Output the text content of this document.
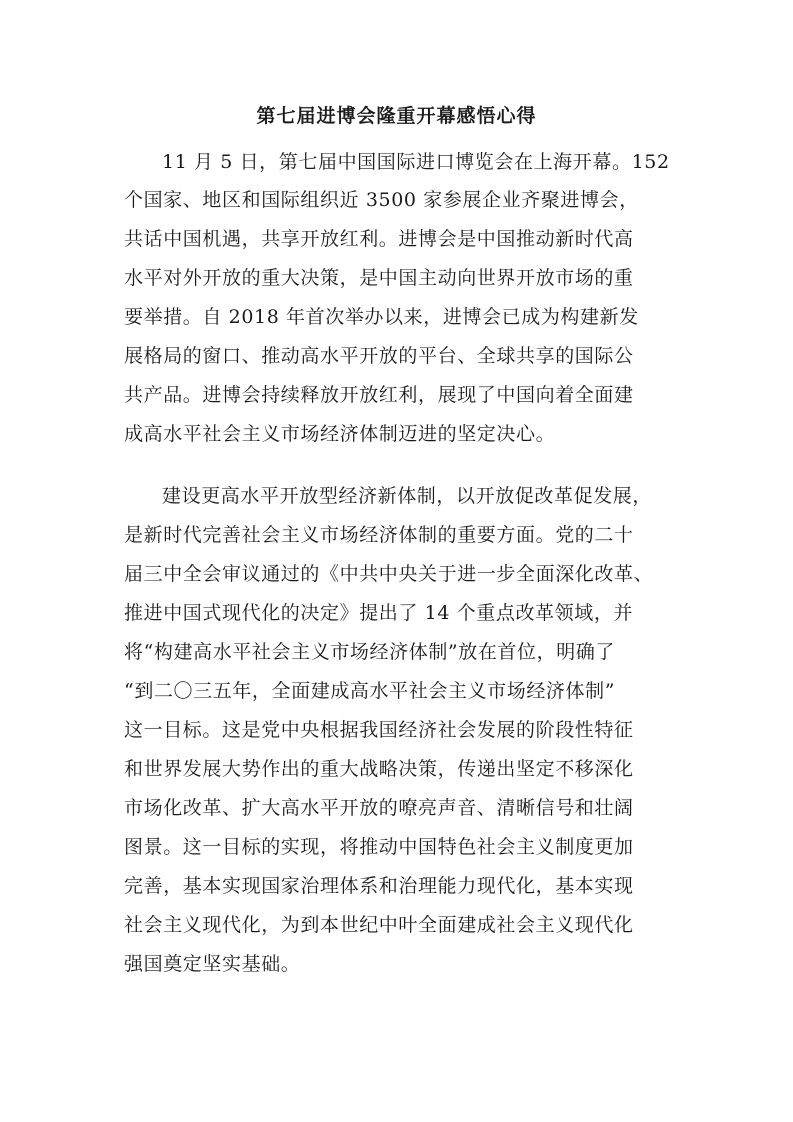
第七届进博会隆重开幕感悟心得
11 月 5 日，第七届中国国际进口博览会在上海开幕。152
个国家、地区和国际组织近 3500 家参展企业齐聚进博会，
共话中国机遇，共享开放红利。进博会是中国推动新时代高
水平对外开放的重大决策，是中国主动向世界开放市场的重
要举措。自 2018 年首次举办以来，进博会已成为构建新发
展格局的窗口、推动高水平开放的平台、全球共享的国际公
共产品。进博会持续释放开放红利，展现了中国向着全面建
成高水平社会主义市场经济体制迈进的坚定决心。
建设更高水平开放型经济新体制，以开放促改革促发展，
是新时代完善社会主义市场经济体制的重要方面。党的二十
届三中全会审议通过的《中共中央关于进一步全面深化改革、
推进中国式现代化的决定》提出了 14 个重点改革领域，并
将“构建高水平社会主义市场经济体制”放在首位，明确了
“到二〇三五年，全面建成高水平社会主义市场经济体制”
这一目标。这是党中央根据我国经济社会发展的阶段性特征
和世界发展大势作出的重大战略决策，传递出坚定不移深化
市场化改革、扩大高水平开放的嘹亮声音、清晰信号和壮阔
图景。这一目标的实现，将推动中国特色社会主义制度更加
完善，基本实现国家治理体系和治理能力现代化，基本实现
社会主义现代化，为到本世纪中叶全面建成社会主义现代化
强国奠定坚实基础。
